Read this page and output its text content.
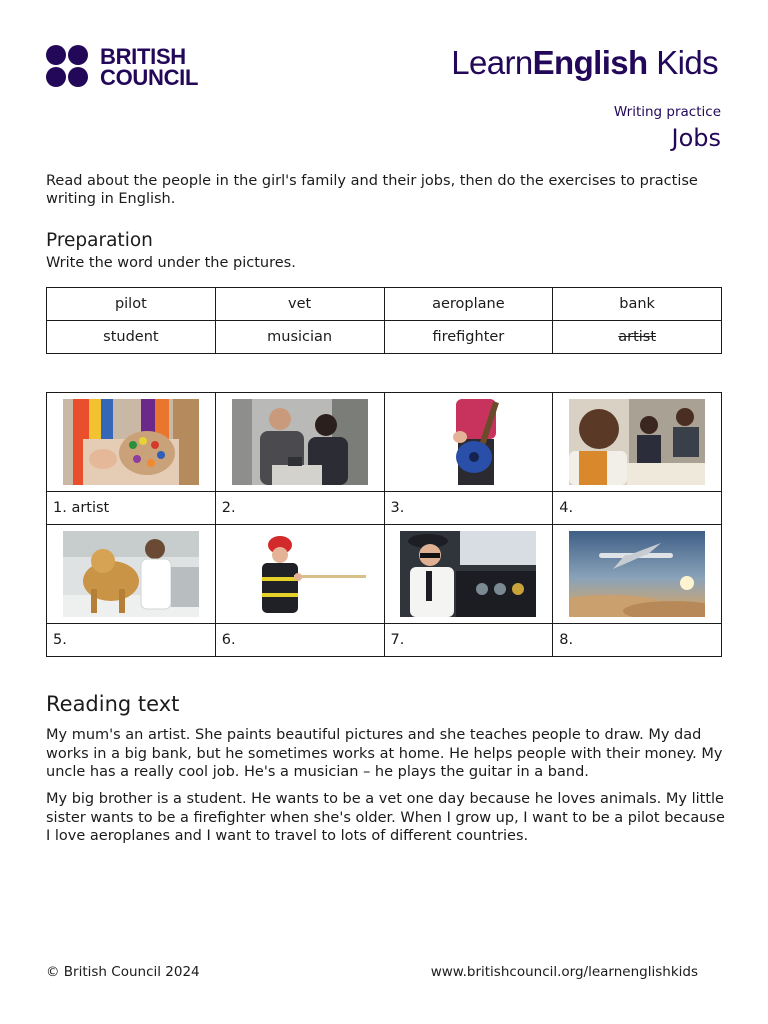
BRITISH
COUNCIL	LearnEnglish Kids
Writing practice
Jobs
Read about the people in the girl's family and their jobs, then do the exercises to practise writing in English.
Preparation
Write the word under the pictures.
pilot	vet	aeroplane	bank
student	musician	firefighter	artist

1. artist	2.	3.	4.

5.	6.	7.	8.
Reading text
My mum's an artist. She paints beautiful pictures and she teaches people to draw. My dad works in a big bank, but he sometimes works at home. He helps people with their money. My uncle has a really cool job. He's a musician – he plays the guitar in a band.
My big brother is a student. He wants to be a vet one day because he loves animals. My little sister wants to be a firefighter when she's older. When I grow up, I want to be a pilot because I love aeroplanes and I want to travel to lots of different countries.
© British Council 2024	www.britishcouncil.org/learnenglishkids
